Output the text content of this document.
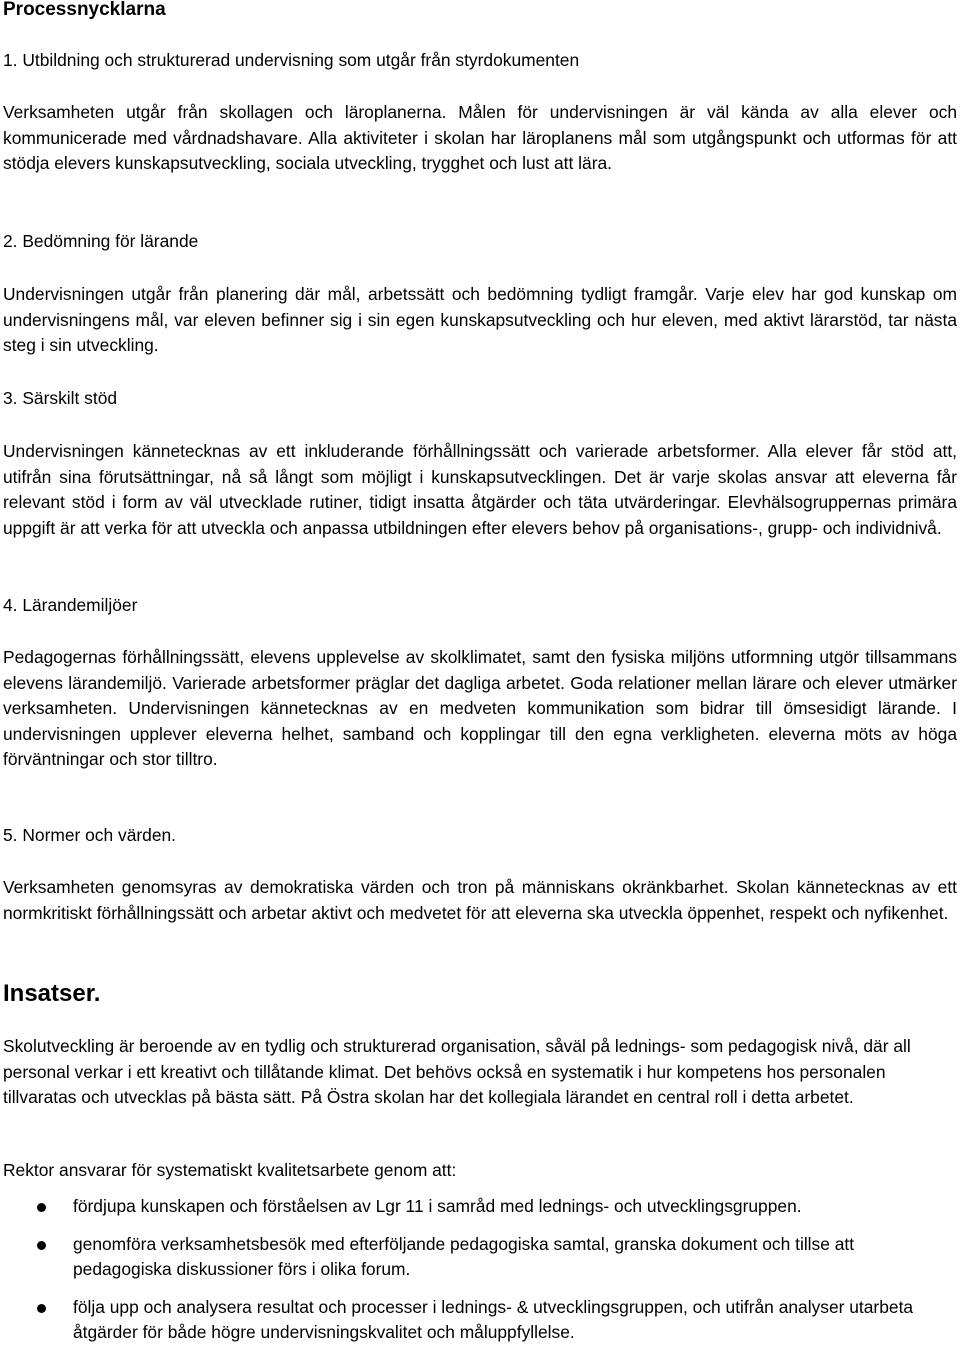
Processnycklarna
1. Utbildning och strukturerad undervisning som utgår från styrdokumenten

Verksamheten utgår från skollagen och läroplanerna. Målen för undervisningen är väl kända av alla elever och kommunicerade med vårdnadshavare. Alla aktiviteter i skolan har läroplanens mål som utgångspunkt och utformas för att stödja elevers kunskapsutveckling, sociala utveckling, trygghet och lust att lära.

2. Bedömning för lärande

Undervisningen utgår från planering där mål, arbetssätt och bedömning tydligt framgår. Varje elev har god kunskap om undervisningens mål, var eleven befinner sig i sin egen kunskapsutveckling och hur eleven, med aktivt lärarstöd, tar nästa steg i sin utveckling.

3. Särskilt stöd

Undervisningen kännetecknas av ett inkluderande förhållningssätt och varierade arbetsformer. Alla elever får stöd att, utifrån sina förutsättningar, nå så långt som möjligt i kunskapsutvecklingen. Det är varje skolas ansvar att eleverna får relevant stöd i form av väl utvecklade rutiner, tidigt insatta åtgärder och täta utvärderingar. Elevhälsogruppernas primära uppgift är att verka för att utveckla och anpassa utbildningen efter elevers behov på organisations-, grupp- och individnivå.

4. Lärandemiljöer

Pedagogernas förhållningssätt, elevens upplevelse av skolklimatet, samt den fysiska miljöns utformning utgör tillsammans elevens lärandemiljö. Varierade arbetsformer präglar det dagliga arbetet. Goda relationer mellan lärare och elever utmärker verksamheten. Undervisningen kännetecknas av en medveten kommunikation som bidrar till ömsesidigt lärande. I undervisningen upplever eleverna helhet, samband och kopplingar till den egna verkligheten. eleverna möts av höga förväntningar och stor tilltro.

5. Normer och värden.

Verksamheten genomsyras av demokratiska värden och tron på människans okränkbarhet. Skolan kännetecknas av ett normkritiskt förhållningssätt och arbetar aktivt och medvetet för att eleverna ska utveckla öppenhet, respekt och nyfikenhet.

Insatser.

Skolutveckling är beroende av en tydlig och strukturerad organisation, såväl på lednings- som pedagogisk nivå, där all personal verkar i ett kreativt och tillåtande klimat. Det behövs också en systematik i hur kompetens hos personalen tillvaratas och utvecklas på bästa sätt. På Östra skolan har det kollegiala lärandet en central roll i detta arbetet.

Rektor ansvarar för systematiskt kvalitetsarbete genom att:

fördjupa kunskapen och förståelsen av Lgr 11 i samråd med lednings- och utvecklingsgruppen.
genomföra verksamhetsbesök med efterföljande pedagogiska samtal, granska dokument och tillse att pedagogiska diskussioner förs i olika forum.
följa upp och analysera resultat och processer i lednings- & utvecklingsgruppen, och utifrån analyser utarbeta åtgärder för både högre undervisningskvalitet och måluppfyllelse.
